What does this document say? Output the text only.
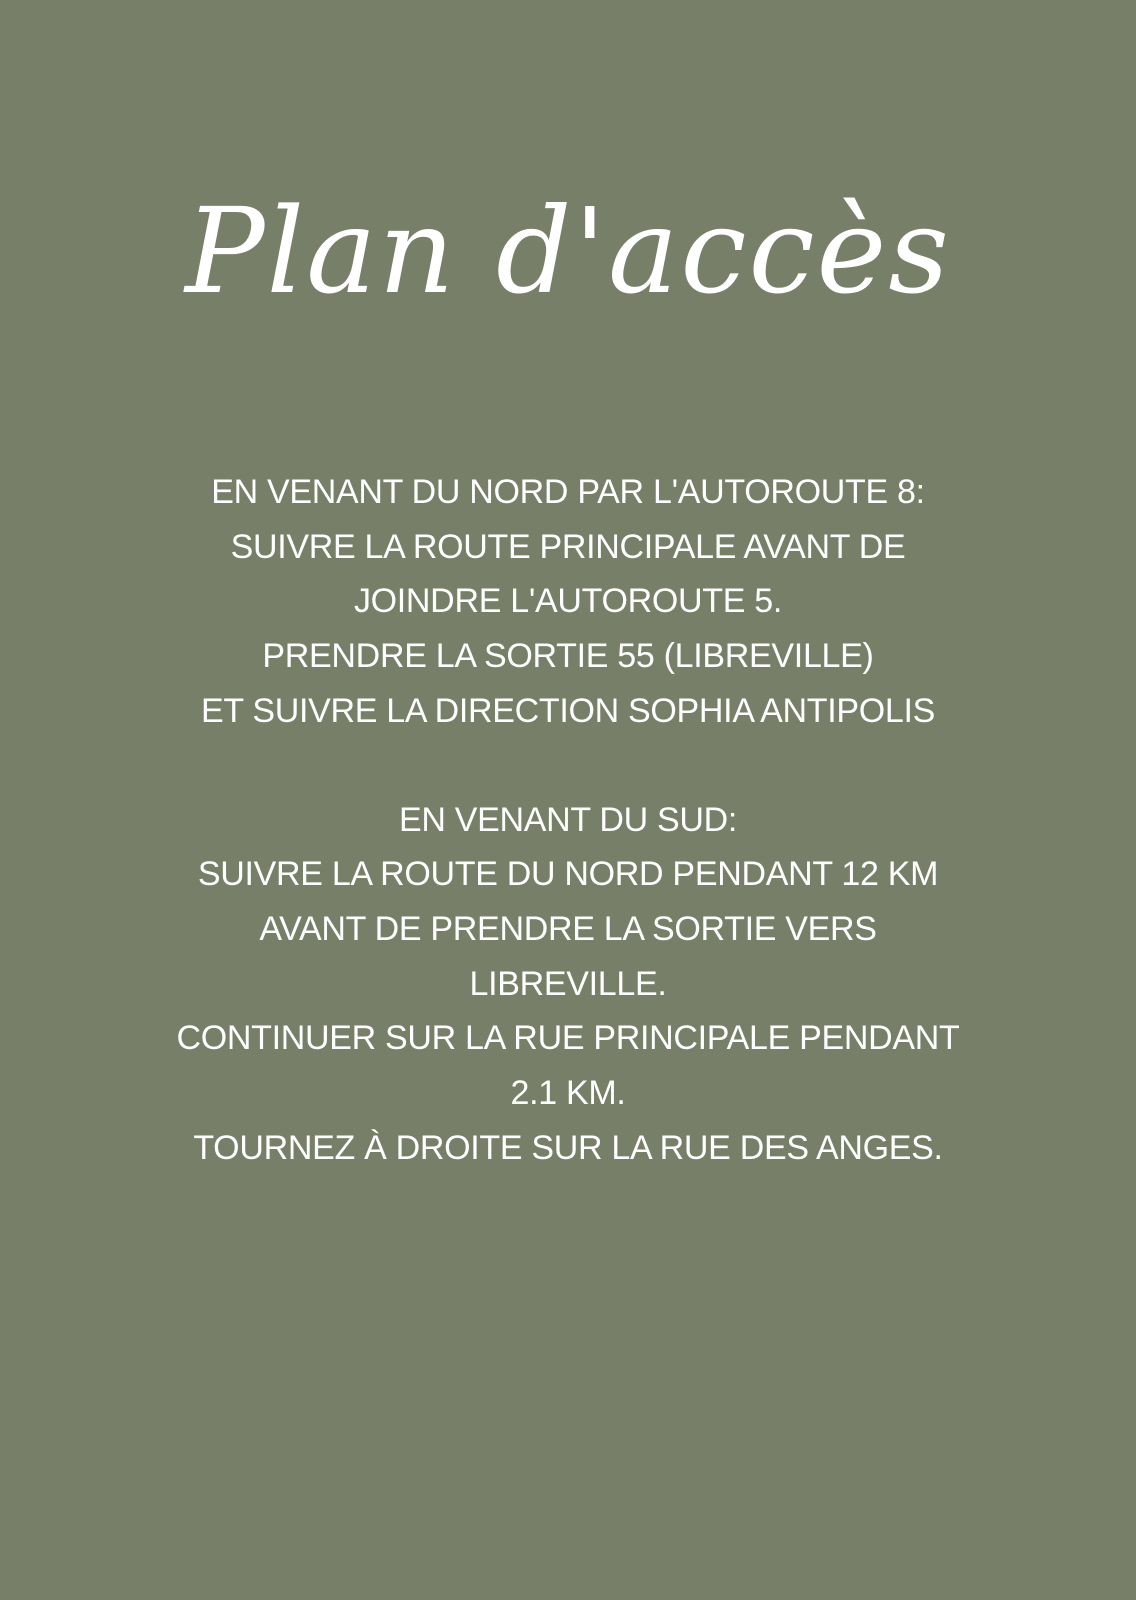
Plan d'accès
EN VENANT DU NORD PAR L'AUTOROUTE 8:
SUIVRE LA ROUTE PRINCIPALE AVANT DE
JOINDRE L'AUTOROUTE 5.
PRENDRE LA SORTIE 55 (LIBREVILLE)
ET SUIVRE LA DIRECTION SOPHIA ANTIPOLIS
EN VENANT DU SUD:
SUIVRE LA ROUTE DU NORD PENDANT 12 KM
AVANT DE PRENDRE LA SORTIE VERS
LIBREVILLE.
CONTINUER SUR LA RUE PRINCIPALE PENDANT
2.1 KM.
TOURNEZ À DROITE SUR LA RUE DES ANGES.
